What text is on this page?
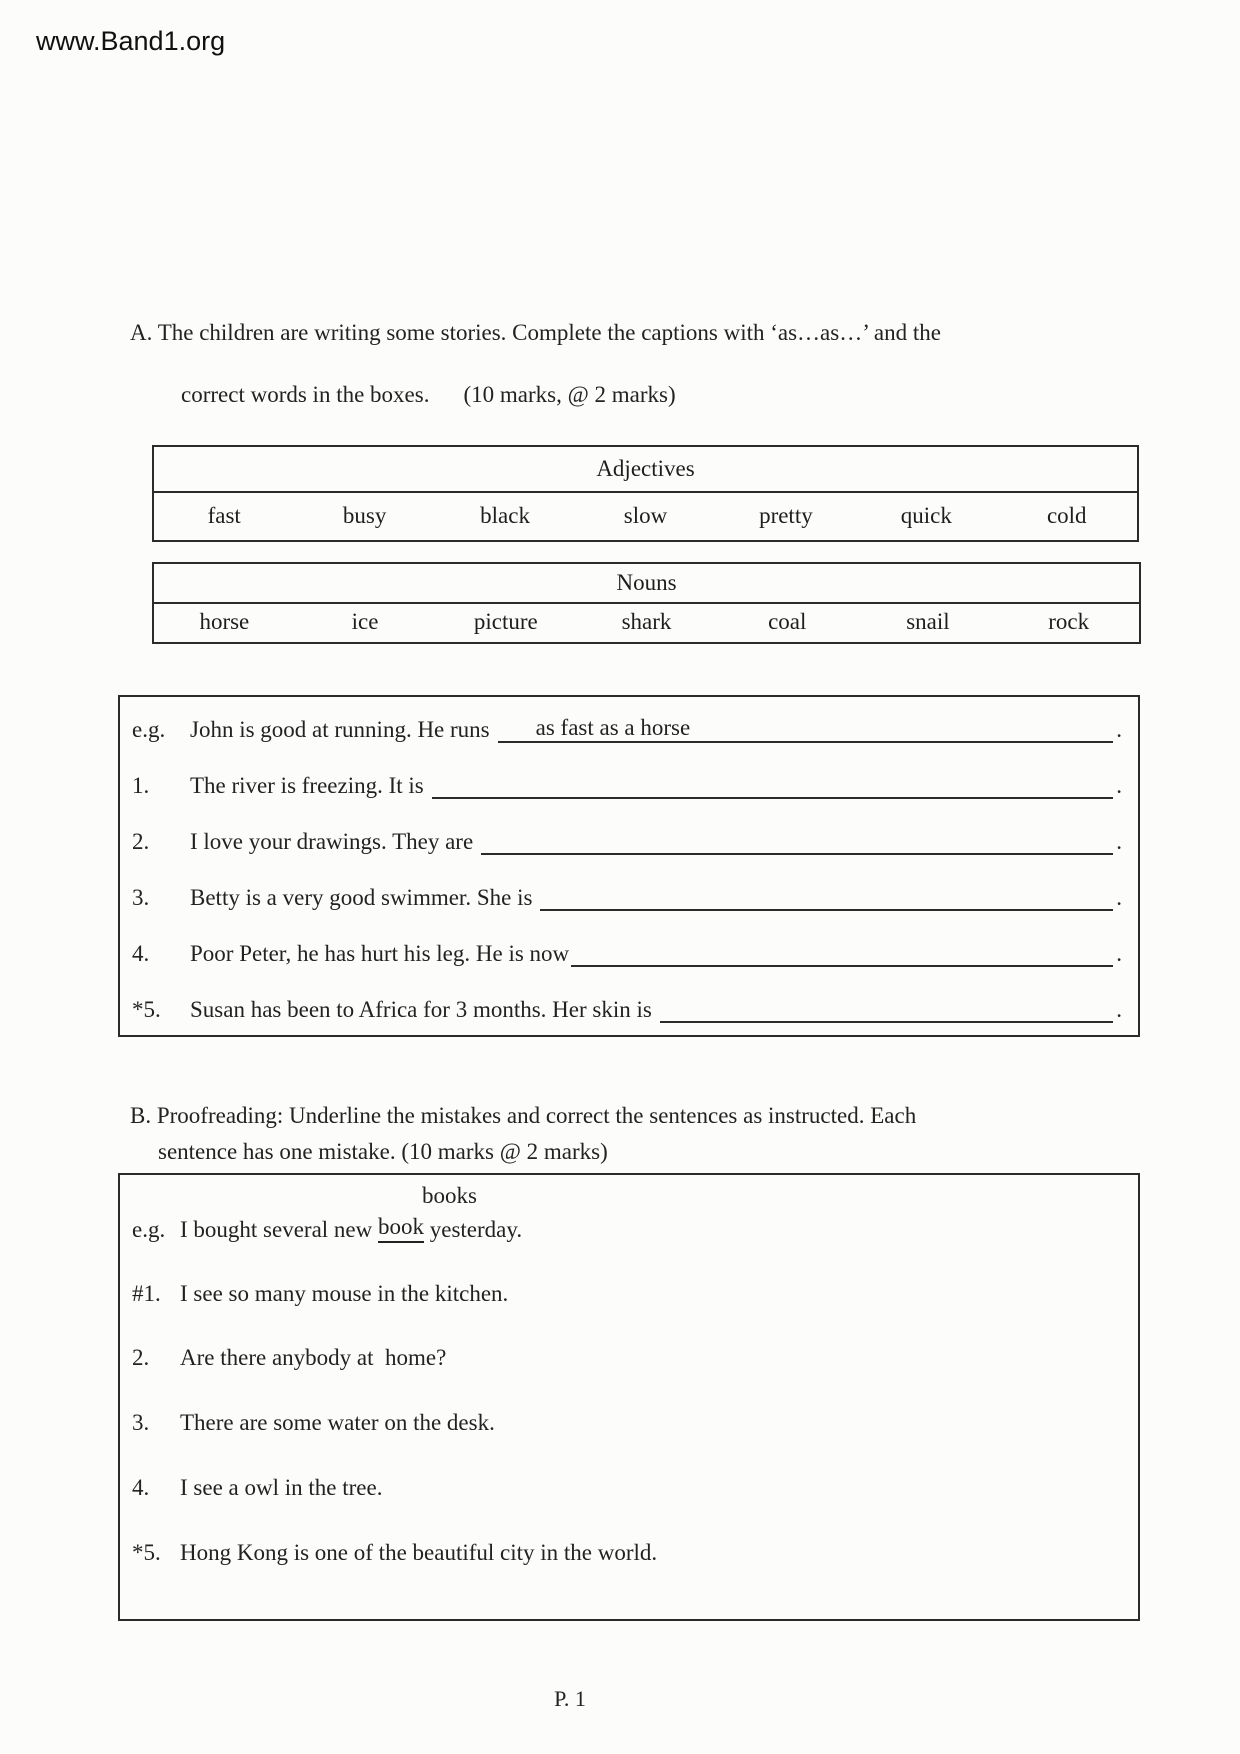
www.Band1.org
A. The children are writing some stories. Complete the captions with ‘as…as…’ and the

correct words in the boxes. (10 marks, @ 2 marks)

Adjectives
fast	busy	black	slow	pretty	quick	cold
Nouns
horse	ice	picture	shark	coal	snail	rock
e.g.	John is good at running. He runs as fast as a horse	.
1.	The river is freezing. It is	.
2.	I love your drawings. They are	.
3.	Betty is a very good swimmer. She is	.
4.	Poor Peter, he has hurt his leg. He is now	.
*5.	Susan has been to Africa for 3 months. Her skin is	.
B. Proofreading: Underline the mistakes and correct the sentences as instructed. Each
sentence has one mistake. (10 marks @ 2 marks)
books
e.g. I bought several new book yesterday.
#1. I see so many mouse in the kitchen.
2.	Are there anybody at  home?
3.	There are some water on the desk.
4.	I see a owl in the tree.
*5. Hong Kong is one of the beautiful city in the world.
P. 1
